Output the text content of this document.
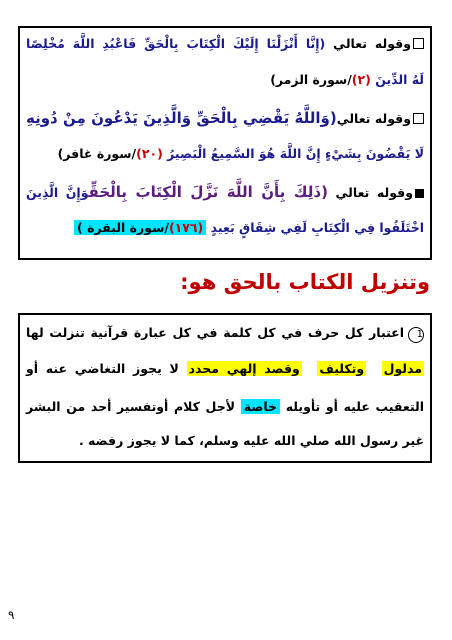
وقوله تعالي (إِنَّا أَنْزَلْنَا إِلَيْكَ الْكِتَابَ بِالْحَقِّ فَاعْبُدِ اللَّهَ مُخْلِصًا
لَهُ الدِّينَ (٢)/سورة الزمر)
وقوله تعالي(وَاللَّهُ يَقْضِي بِالْحَقِّ وَالَّذِينَ يَدْعُونَ مِنْ دُونِهِ
لَا يَقْضُونَ بِشَيْءٍ إِنَّ اللَّهَ هُوَ السَّمِيعُ الْبَصِيرُ (٢٠)/سورة غافر)
وقوله تعالي (ذَلِكَ بِأَنَّ اللَّهَ نَزَّلَ الْكِتَابَ بِالْحَقِّوَإِنَّ الَّذِينَ
اخْتَلَفُوا فِي الْكِتَابِ لَفِي شِقَاقٍ بَعِيدٍ (١٧٦)/سورة البقرة )
وتنزيل الكتاب بالحق هو:
1اعتبار كل حرف في كل كلمة في كل عبارة قرآنية تنزلت لها
مدلول  وتكليف  وقصد إلهي محدد لا يجوز التغاضي عنه أو
التعقيب عليه أو تأويله خاصة لأجل كلام أوتفسير أحد من البشر
غير رسول الله صلي الله عليه وسلم، كما لا يجوز رفضه .
٩
